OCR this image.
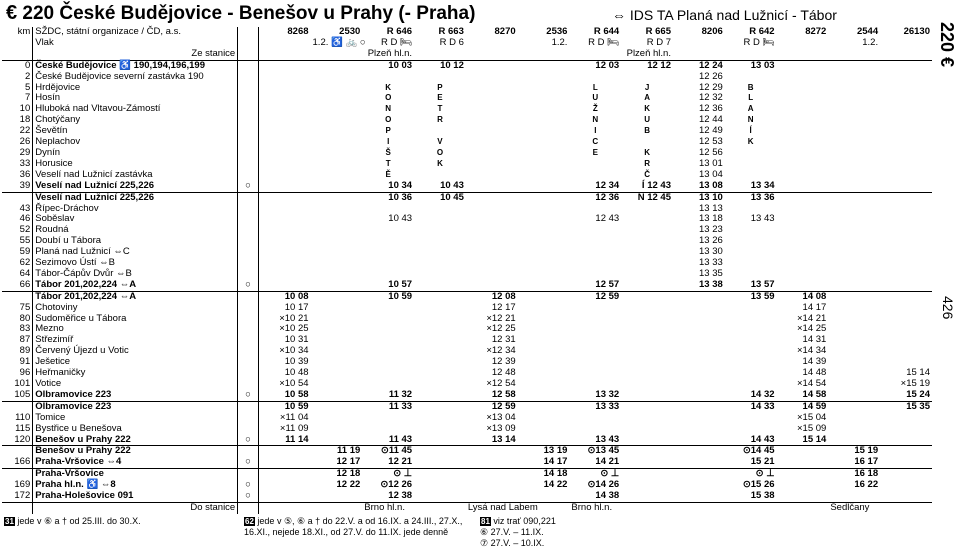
€ 220 České Budějovice - Benešov u Prahy (- Praha)	⇔ IDS TA Planá nad Lužnicí - Tábor
220 €
426
km	SŽDC, státní organizace / ČD, a.s.		8268	2530	R 646	R 663	8270	2536	R 644	R 665	8206	R 642	8272	2544	26130
	Vlak			1.2. ♿ 🚲 ○	R D 🛏	R D 6		1.2.	R D 🛏	R D 7		R D 🛏		1.2.	
	Ze stanice				Plzeň hl.n.					Plzeň hl.n.					
0	České Budějovice ♿ 190,194,196,199				10 03	10 12			12 03	12 12	12 24	13 03			
2	České Budějovice severní zastávka 190										12 26				
5	Hrdějovice				K	P			L	J	12 29	B			
7	Hosín				O	E			U	A	12 32	L			
10	Hluboká nad Vltavou-Zámostí				N	T			Ž	K	12 36	A			
18	Chotýčany				O	R			N	U	12 44	N			
22	Ševětín				P				I	B	12 49	Í			
26	Neplachov				I	V			C		12 53	K			
29	Dynín				Š	O			E	K	12 56				
33	Horusice				T	K				R	13 01				
36	Veselí nad Lužnicí zastávka				Ě					Č	13 04				
39	Veselí nad Lužnicí 225,226	○			10 34	10 43			12 34	Í 12 43	13 08	13 34			
	Veselí nad Lužnicí 225,226				10 36	10 45			12 36	N 12 45	13 10	13 36			
43	Řípec-Dráchov										13 13				
46	Soběslav				10 43				12 43		13 18	13 43			
52	Roudná										13 23				
55	Doubí u Tábora										13 26				
59	Planá nad Lužnicí ⇔C										13 30				
62	Sezimovo Ústí ⇔B										13 33				
64	Tábor-Čápův Dvůr ⇔B										13 35				
66	Tábor 201,202,224 ⇔A	○			10 57				12 57		13 38	13 57			
	Tábor 201,202,224 ⇔A		10 08		10 59		12 08		12 59			13 59	14 08		
75	Chotoviny		10 17				12 17						14 17		
80	Sudoměřice u Tábora		×10 21				×12 21						×14 21		
83	Mezno		×10 25				×12 25						×14 25		
87	Střezimíř		10 31				12 31						14 31		
89	Červený Újezd u Votic		×10 34				×12 34						×14 34		
91	Ješetice		10 39				12 39						14 39		
96	Heřmaničky		10 48				12 48						14 48		15 14
101	Votice		×10 54				×12 54						×14 54		×15 19
105	Olbramovice 223	○	10 58		11 32		12 58		13 32			14 32	14 58		15 24
	Olbramovice 223		10 59		11 33		12 59		13 33			14 33	14 59		15 35
110	Tomice		×11 04				×13 04						×15 04		
115	Bystřice u Benešova		×11 09				×13 09						×15 09		
120	Benešov u Prahy 222	○	11 14		11 43		13 14		13 43			14 43	15 14		
	Benešov u Prahy 222			11 19	⊙11 45			13 19	⊙13 45			⊙14 45		15 19	
166	Praha-Vršovice ⇔4	○		12 17	12 21			14 17	14 21			15 21		16 17	
	Praha-Vršovice			12 18	⊙ ⊥			14 18	⊙ ⊥			⊙ ⊥		16 18	
169	Praha hl.n. ♿ ⇔8	○		12 22	⊙12 26			14 22	⊙14 26			⊙15 26		16 22	
172	Praha-Holešovice 091	○			12 38				14 38			15 38			
	Do stanice				Brno hl.n.		Lysá nad Labem		Brno hl.n.					Sedlčany	
31 jede v ⑥ a † od 25.III. do 30.X.	62 jede v ⑤, ⑥ a † do 22.V. a od 16.IX. a 24.III., 27.X., 16.XI., nejede 18.XI., od 27.V. do 11.IX. jede denně
81 viz trať 090,221
⑥ 27.V. – 11.IX.
⑦ 27.V. – 10.IX.
